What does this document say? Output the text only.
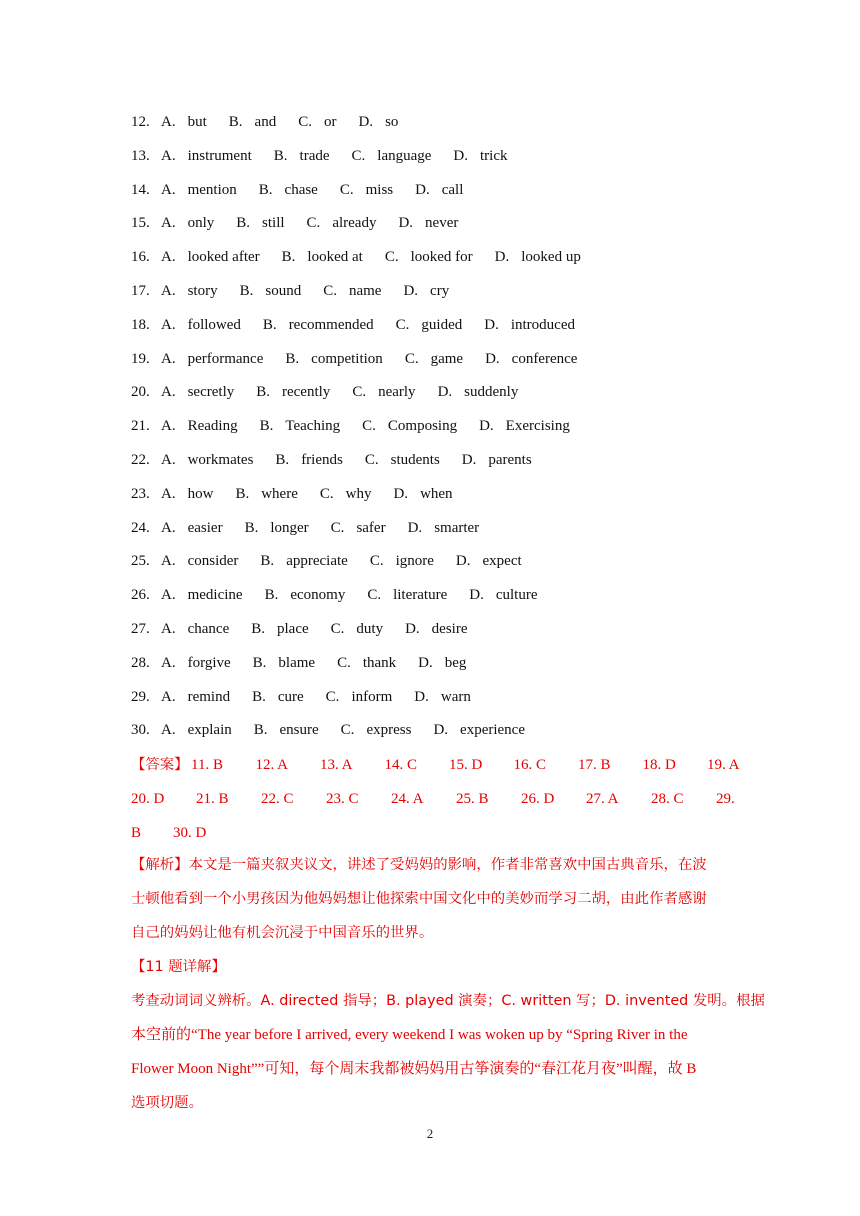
12. A. but B. and C. or D. so
13. A. instrument B. trade C. language D. trick
14. A. mention B. chase C. miss D. call
15. A. only B. still C. already D. never
16. A. looked after B. looked at C. looked for D. looked up
17. A. story B. sound C. name D. cry
18. A. followed B. recommended C. guided D. introduced
19. A. performance B. competition C. game D. conference
20. A. secretly B. recently C. nearly D. suddenly
21. A. Reading B. Teaching C. Composing D. Exercising
22. A. workmates B. friends C. students D. parents
23. A. how B. where C. why D. when
24. A. easier B. longer C. safer D. smarter
25. A. consider B. appreciate C. ignore D. expect
26. A. medicine B. economy C. literature D. culture
27. A. chance B. place C. duty D. desire
28. A. forgive B. blame C. thank D. beg
29. A. remind B. cure C. inform D. warn
30. A. explain B. ensure C. express D. experience
【答案】 11. B 12. A 13. A 14. C 15. D 16. C 17. B 18. D 19. A
20. D 21. B 22. C 23. C 24. A 25. B 26. D 27. A 28. C 29.
B 30. D
【解析】本文是一篇夹叙夹议文，讲述了受妈妈的影响，作者非常喜欢中国古典音乐，在波
士顿他看到一个小男孩因为他妈妈想让他探索中国文化中的美妙而学习二胡，由此作者感谢
自己的妈妈让他有机会沉浸于中国音乐的世界。
【11 题详解】
考查动词词义辨析。A. directed 指导；B. played 演奏；C. written 写；D. invented 发明。根据
本空前的“The year before I arrived, every weekend I was woken up by “Spring River in the
Flower Moon Night””可知，每个周末我都被妈妈用古筝演奏的“春江花月夜”叫醒，故 B
选项切题。
2
